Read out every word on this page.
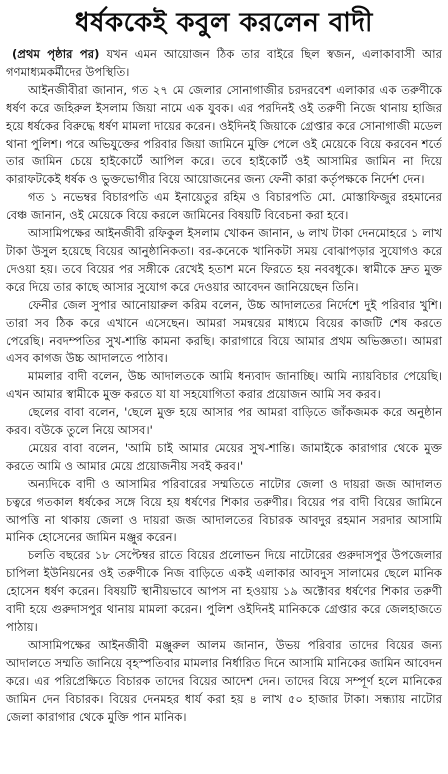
ধর্ষককেই কবুল করলেন বাদী

(প্রথম পৃষ্ঠার পর) যখন এমন আয়োজন ঠিক তার বাইরে ছিল স্বজন, এলাকাবাসী আর গণমাধ্যমকর্মীদের উপস্থিতি।

আইনজীবীরা জানান, গত ২৭ মে জেলার সোনাগাজীর চরদরবেশ এলাকার এক তরুণীকে ধর্ষণ করে জহিরুল ইসলাম জিয়া নামে এক যুবক। এর পরদিনই ওই তরুণী নিজে থানায় হাজির হয়ে ধর্ষকের বিরুদ্ধে ধর্ষণ মামলা দায়ের করেন। ওইদিনই জিয়াকে গ্রেপ্তার করে সোনাগাজী মডেল থানা পুলিশ। পরে অভিযুক্তের পরিবার জিয়া জামিনে মুক্তি পেলে ওই মেয়েকে বিয়ে করবেন শর্তে তার জামিন চেয়ে হাইকোর্টে আপিল করে। তবে হাইকোর্ট ওই আসামির জামিন না দিয়ে কারাফটকেই ধর্ষক ও ভুক্তভোগীর বিয়ে আয়োজনের জন্য ফেনী কারা কর্তৃপক্ষকে নির্দেশ দেন।

গত ১ নভেম্বর বিচারপতি এম ইনায়েতুর রহিম ও বিচারপতি মো. মোস্তাফিজুর রহমানের বেঞ্চ জানান, ওই মেয়েকে বিয়ে করলে জামিনের বিষয়টি বিবেচনা করা হবে।

আসামিপক্ষের আইনজীবী রফিকুল ইসলাম খোকন জানান, ৬ লাখ টাকা দেনমোহরে ১ লাখ টাকা উসুল হয়েছে বিয়ের আনুষ্ঠানিকতা। বর-কনেকে খানিকটা সময় বোঝাপড়ার সুযোগও করে দেওয়া হয়। তবে বিয়ের পর সঙ্গীকে রেখেই হতাশ মনে ফিরতে হয় নববধূকে। স্বামীকে দ্রুত মুক্ত করে দিয়ে তার কাছে আসার সুযোগ করে দেওয়ার আবেদন জানিয়েছেন তিনি।

ফেনীর জেল সুপার আনোয়ারুল করিম বলেন, উচ্চ আদালতের নির্দেশে দুই পরিবার খুশি। তারা সব ঠিক করে এখানে এসেছেন। আমরা সমন্বয়ের মাধ্যমে বিয়ের কাজটি শেষ করতে পেরেছি। নবদম্পতির সুখ-শান্তি কামনা করছি। কারাগারে বিয়ে আমার প্রথম অভিজ্ঞতা। আমরা এসব কাগজ উচ্চ আদালতে পাঠাব।

মামলার বাদী বলেন, উচ্চ আদালতকে আমি ধন্যবাদ জানাচ্ছি। আমি ন্যায়বিচার পেয়েছি। এখন আমার স্বামীকে মুক্ত করতে যা যা সহযোগিতা করার প্রয়োজন আমি সব করব।

ছেলের বাবা বলেন, 'ছেলে মুক্ত হয়ে আসার পর আমরা বাড়িতে জাঁকজমক করে অনুষ্ঠান করব। বউকে তুলে নিয়ে আসব।'

মেয়ের বাবা বলেন, 'আমি চাই আমার মেয়ের সুখ-শান্তি। জামাইকে কারাগার থেকে মুক্ত করতে আমি ও আমার মেয়ে প্রয়োজনীয় সবই করব।'

অন্যদিকে বাদী ও আসামির পরিবারের সম্মতিতে নাটোর জেলা ও দায়রা জজ আদালত চত্বরে গতকাল ধর্ষকের সঙ্গে বিয়ে হয় ধর্ষণের শিকার তরুণীর। বিয়ের পর বাদী বিয়ের জামিনে আপত্তি না থাকায় জেলা ও দায়রা জজ আদালতের বিচারক আবদুর রহমান সরদার আসামি মানিক হোসেনের জামিন মঞ্জুর করেন।

চলতি বছরের ১৮ সেপ্টেম্বর রাতে বিয়ের প্রলোভন দিয়ে নাটোরের গুরুদাসপুর উপজেলার চাপিলা ইউনিয়নের ওই তরুণীকে নিজ বাড়িতে একই এলাকার আবদুস সালামের ছেলে মানিক হোসেন ধর্ষণ করেন। বিষয়টি স্থানীয়ভাবে আপস না হওয়ায় ১৯ অক্টোবর ধর্ষণের শিকার তরুণী বাদী হয়ে গুরুদাসপুর থানায় মামলা করেন। পুলিশ ওইদিনই মানিককে গ্রেপ্তার করে জেলহাজতে পাঠায়।

আসামিপক্ষের আইনজীবী মঞ্জুরুল আলম জানান, উভয় পরিবার তাদের বিয়ের জন্য আদালতে সম্মতি জানিয়ে বৃহস্পতিবার মামলার নির্ধারিত দিনে আসামি মানিকের জামিন আবেদন করে। এর পরিপ্রেক্ষিতে বিচারক তাদের বিয়ের আদেশ দেন। তাদের বিয়ে সম্পূর্ণ হলে মানিকের জামিন দেন বিচারক। বিয়ের দেনমহর ধার্য করা হয় ৪ লাখ ৫০ হাজার টাকা। সন্ধ্যায় নাটোর জেলা কারাগার থেকে মুক্তি পান মানিক।
